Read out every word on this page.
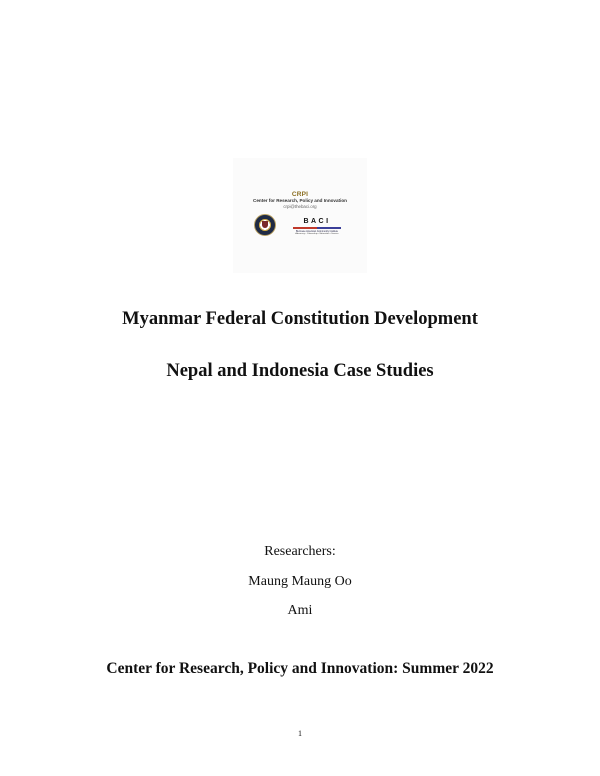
CRPI
Center for Research, Policy and Innovation
crpi@thebaci.org
BACI
Burmese American Community Institute
Advocacy • Citizenship • Education • Service
Myanmar Federal Constitution Development
Nepal and Indonesia Case Studies
Researchers:
Maung Maung Oo
Ami
Center for Research, Policy and Innovation: Summer 2022
1
